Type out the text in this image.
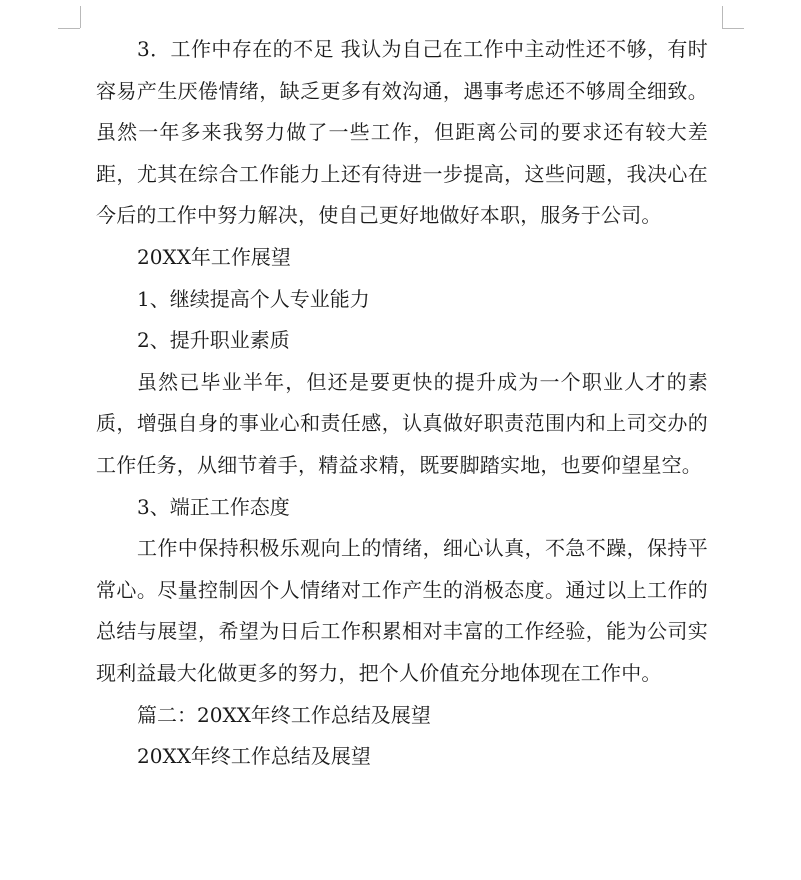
3．工作中存在的不足 我认为自己在工作中主动性还不够，有时容易产生厌倦情绪，缺乏更多有效沟通，遇事考虑还不够周全细致。虽然一年多来我努力做了一些工作，但距离公司的要求还有较大差距，尤其在综合工作能力上还有待进一步提高，这些问题，我决心在今后的工作中努力解决，使自己更好地做好本职，服务于公司。

20XX年工作展望

1、继续提高个人专业能力

2、提升职业素质

虽然已毕业半年，但还是要更快的提升成为一个职业人才的素质，增强自身的事业心和责任感，认真做好职责范围内和上司交办的工作任务，从细节着手，精益求精，既要脚踏实地，也要仰望星空。

3、端正工作态度

工作中保持积极乐观向上的情绪，细心认真，不急不躁，保持平常心。尽量控制因个人情绪对工作产生的消极态度。通过以上工作的总结与展望，希望为日后工作积累相对丰富的工作经验，能为公司实现利益最大化做更多的努力，把个人价值充分地体现在工作中。

篇二：20XX年终工作总结及展望

20XX年终工作总结及展望
